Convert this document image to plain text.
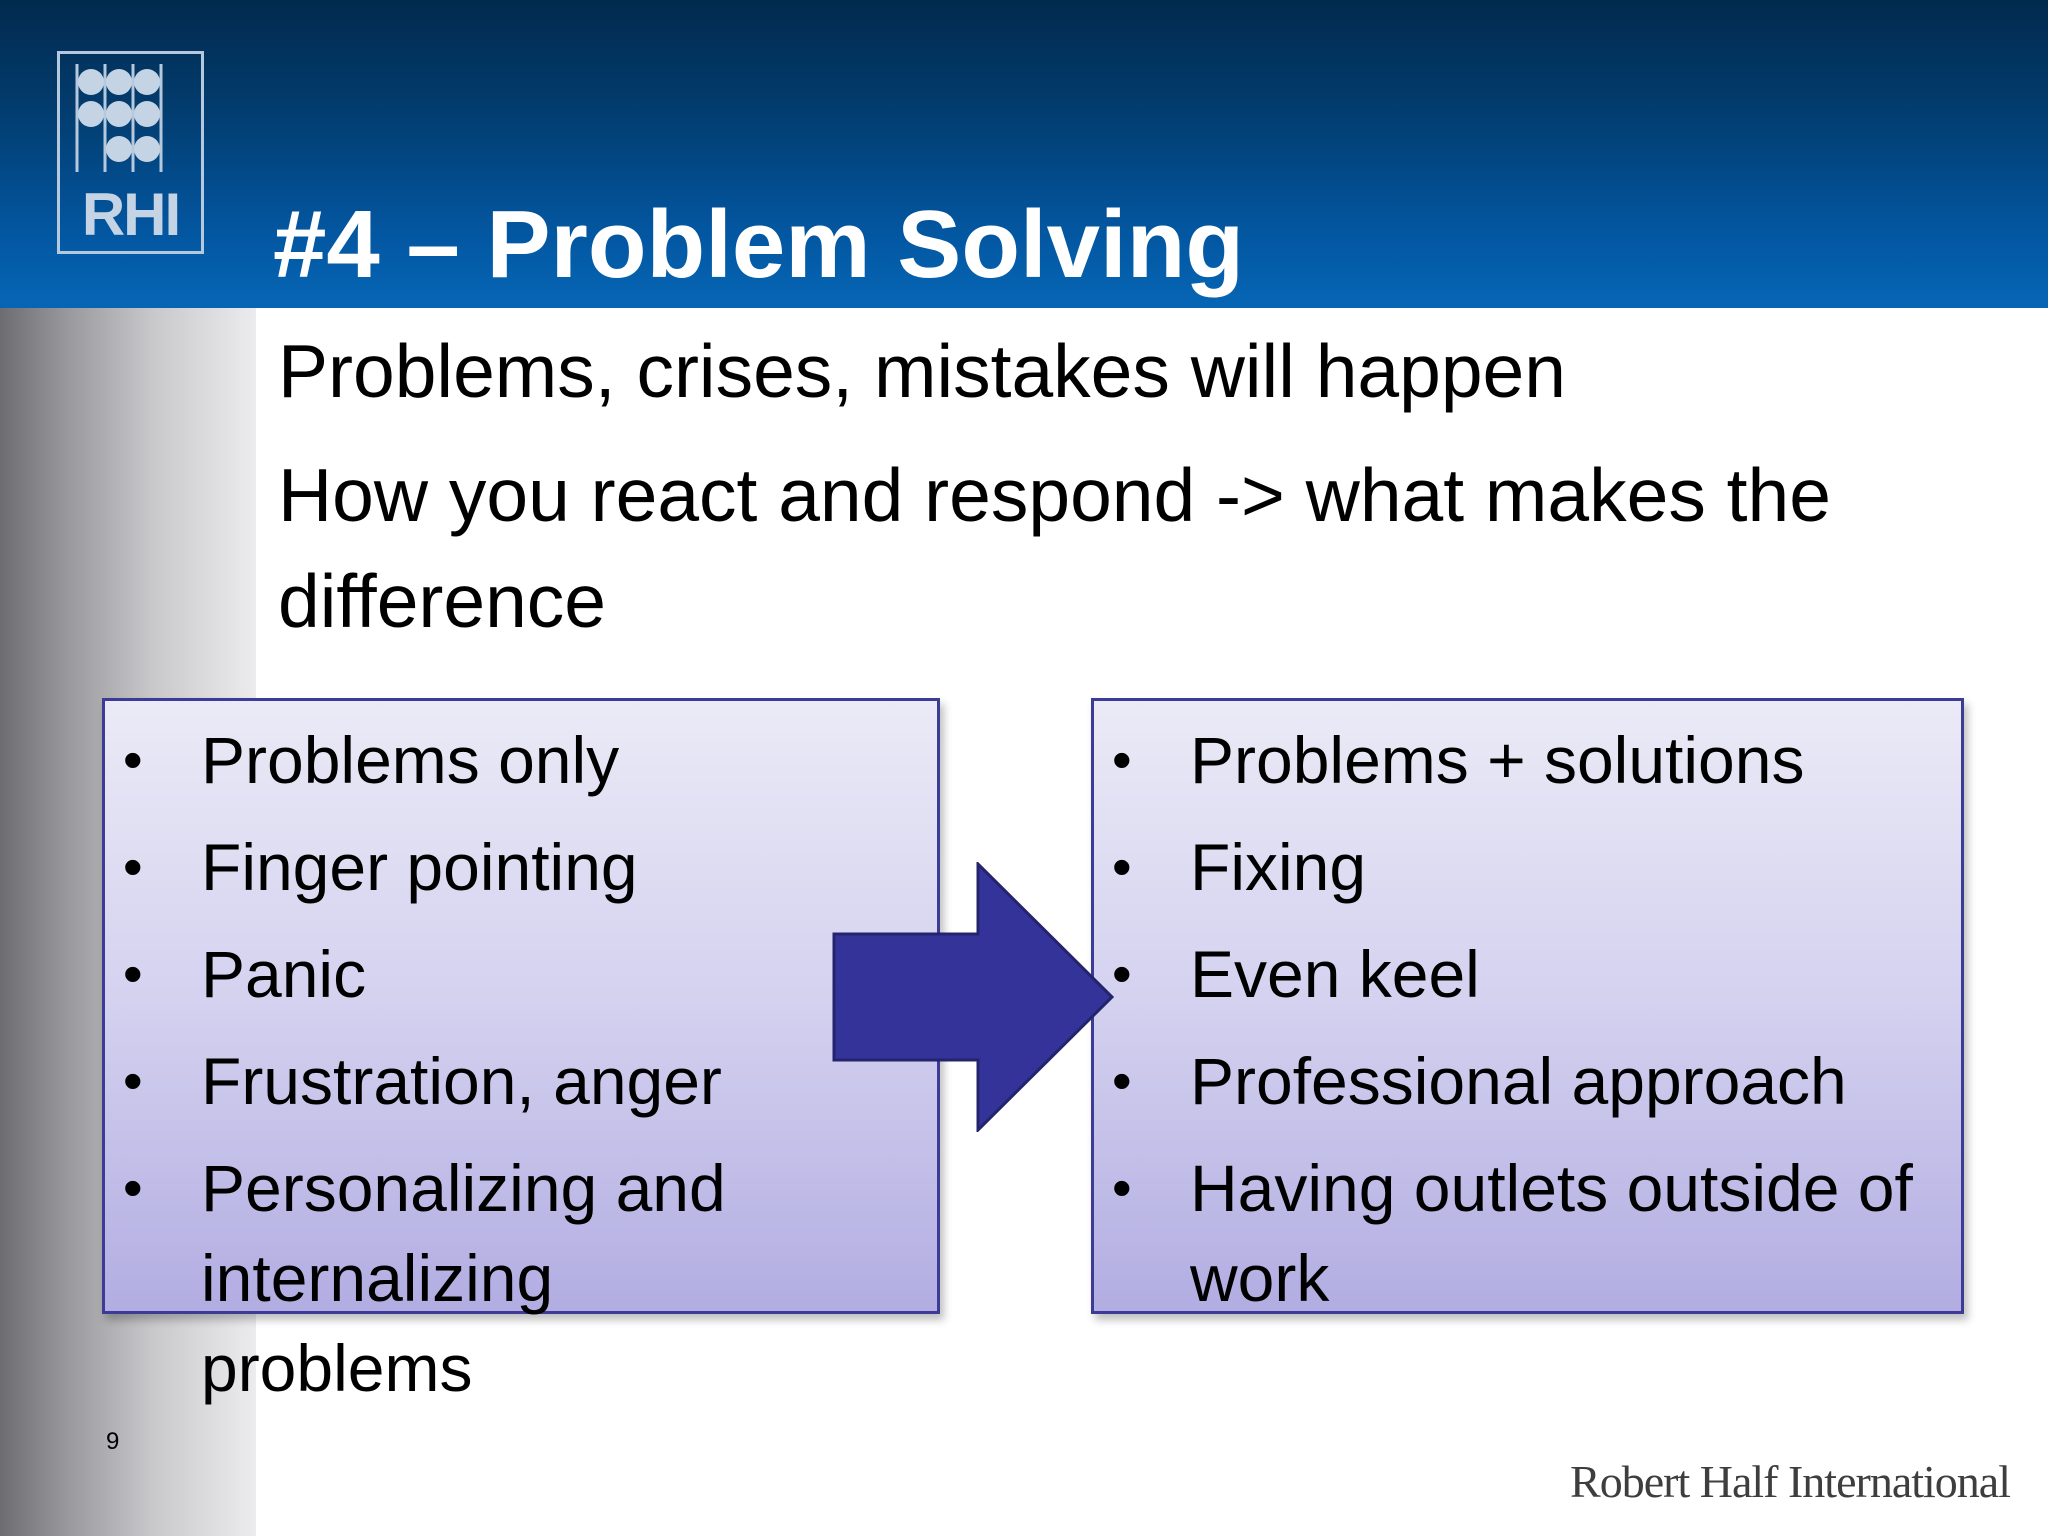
RHI #4 – Problem Solving

Problems, crises, mistakes will happen

How you react and respond -> what makes the difference

• Problems only
• Finger pointing
• Panic
• Frustration, anger
• Personalizing and internalizing problems
• Problems + solutions
• Fixing
• Even keel
• Professional approach
• Having outlets outside of work
9
Robert Half International
